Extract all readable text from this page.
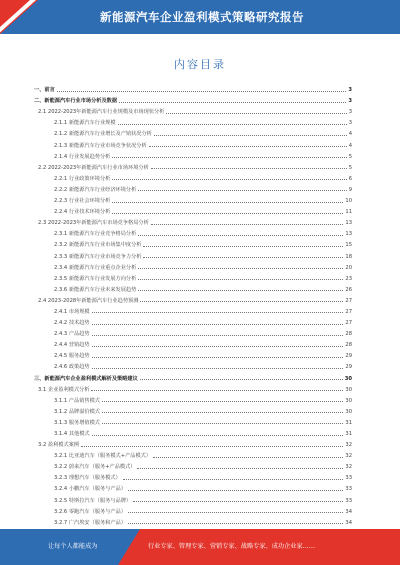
新能源汽车企业盈利模式策略研究报告
内容目录
一、前言	3
二、新能源汽车行业市场分析及数据	3
2.1 2022-2023年新能源汽车行业规模及市场现状分析	3
2.1.1 新能源汽车行业规模	3
2.1.2 新能源汽车行业增长及产销状况分析	4
2.1.3 新能源汽车行业市场竞争状况分析	4
2.1.4 行业发展趋势分析	5
2.2 2022-2023年新能源汽车行业市场环境分析	5
2.2.1 行业政策环境分析	6
2.2.2 新能源汽车行业经济环境分析	9
2.2.3 行业社会环境分析	10
2.2.4 行业技术环境分析	11
2.3 2022-2023年新能源汽车市场竞争格局分析	13
2.3.1 新能源汽车行业竞争格局分析	13
2.3.2 新能源汽车行业市场集中度分析	15
2.3.3 新能源汽车行业市场竞争力分析	18
2.3.4 新能源汽车行业重点企业分析	20
2.3.5 新能源汽车行业发展方向分析	23
2.3.6 新能源汽车行业未来发展趋势	26
2.4 2023-2028年新能源汽车行业趋势预测	27
2.4.1 市场规模	27
2.4.2 技术趋势	27
2.4.3 产品趋势	28
2.4.4 营销趋势	28
2.4.5 服务趋势	29
2.4.6 政策趋势	29
三、新能源汽车企业盈利模式解析及策略建议	30
3.1 企业盈利模式分析	30
3.1.1 产品销售模式	30
3.1.2 品牌溢价模式	30
3.1.3 服务增值模式	31
3.1.4 其他模式	31
3.2 盈利模式案例	32
3.2.1 比亚迪汽车（服务模式+产品模式）	32
3.2.2 蔚来汽车（服务+产品模式）	32
3.2.3 理想汽车（服务模式）	33
3.2.4 小鹏汽车（服务与产品）	33
3.2.5 特斯拉汽车（服务与品牌）	33
3.2.6 零跑汽车（服务与产品）	34
3.2.7 广汽埃安（服务和产品）	34
让每个人都能成为	行业专家、管理专家、营销专家、战略专家、成功企业家……
